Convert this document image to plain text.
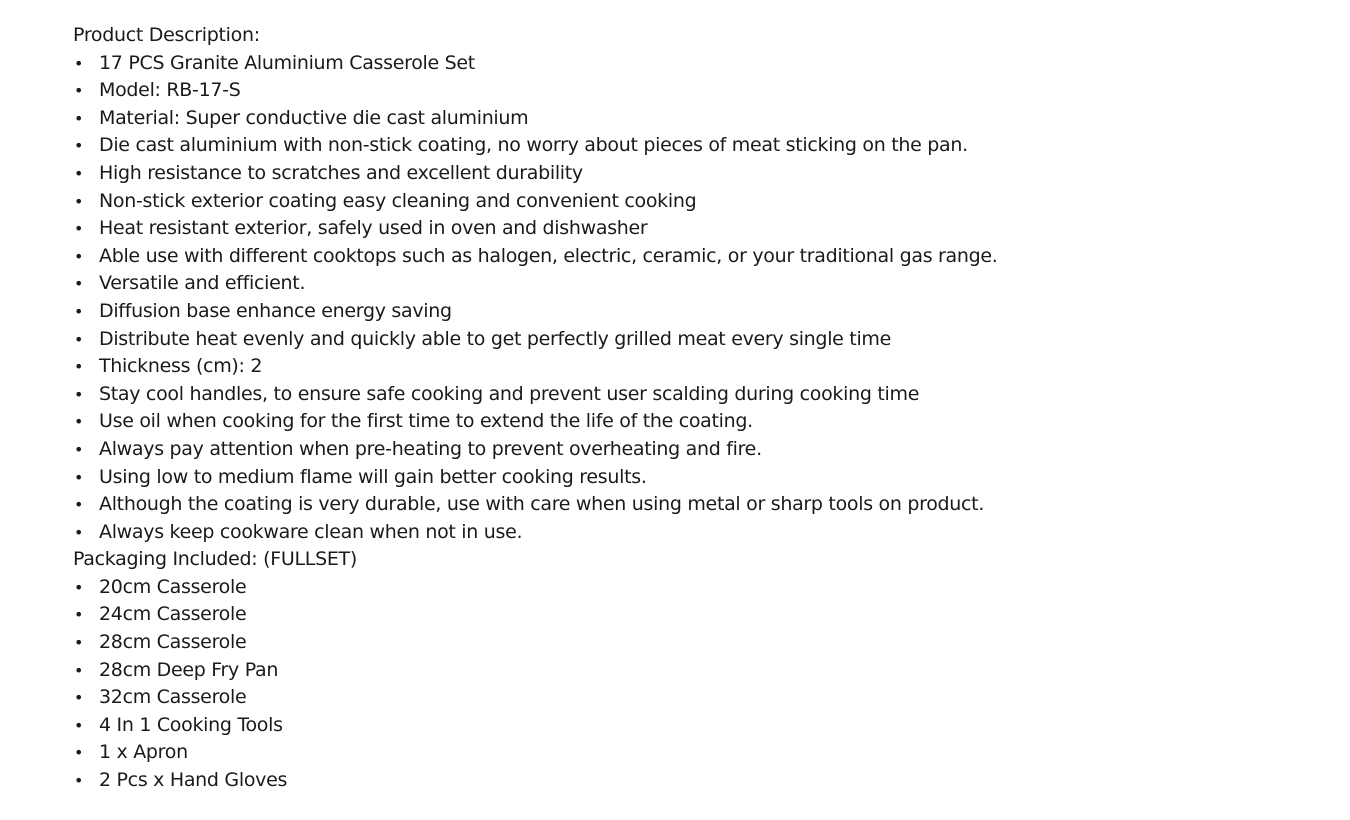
Product Description:
• 17 PCS Granite Aluminium Casserole Set
• Model: RB-17-S
• Material: Super conductive die cast aluminium
• Die cast aluminium with non-stick coating, no worry about pieces of meat sticking on the pan.
• High resistance to scratches and excellent durability
• Non-stick exterior coating easy cleaning and convenient cooking
• Heat resistant exterior, safely used in oven and dishwasher
• Able use with different cooktops such as halogen, electric, ceramic, or your traditional gas range.
• Versatile and efficient.
• Diffusion base enhance energy saving
• Distribute heat evenly and quickly able to get perfectly grilled meat every single time
• Thickness (cm): 2
• Stay cool handles, to ensure safe cooking and prevent user scalding during cooking time
• Use oil when cooking for the first time to extend the life of the coating.
• Always pay attention when pre-heating to prevent overheating and fire.
• Using low to medium flame will gain better cooking results.
• Although the coating is very durable, use with care when using metal or sharp tools on product.
• Always keep cookware clean when not in use.
Packaging Included: (FULLSET)
• 20cm Casserole
• 24cm Casserole
• 28cm Casserole
• 28cm Deep Fry Pan
• 32cm Casserole
• 4 In 1 Cooking Tools
• 1 x Apron
• 2 Pcs x Hand Gloves
